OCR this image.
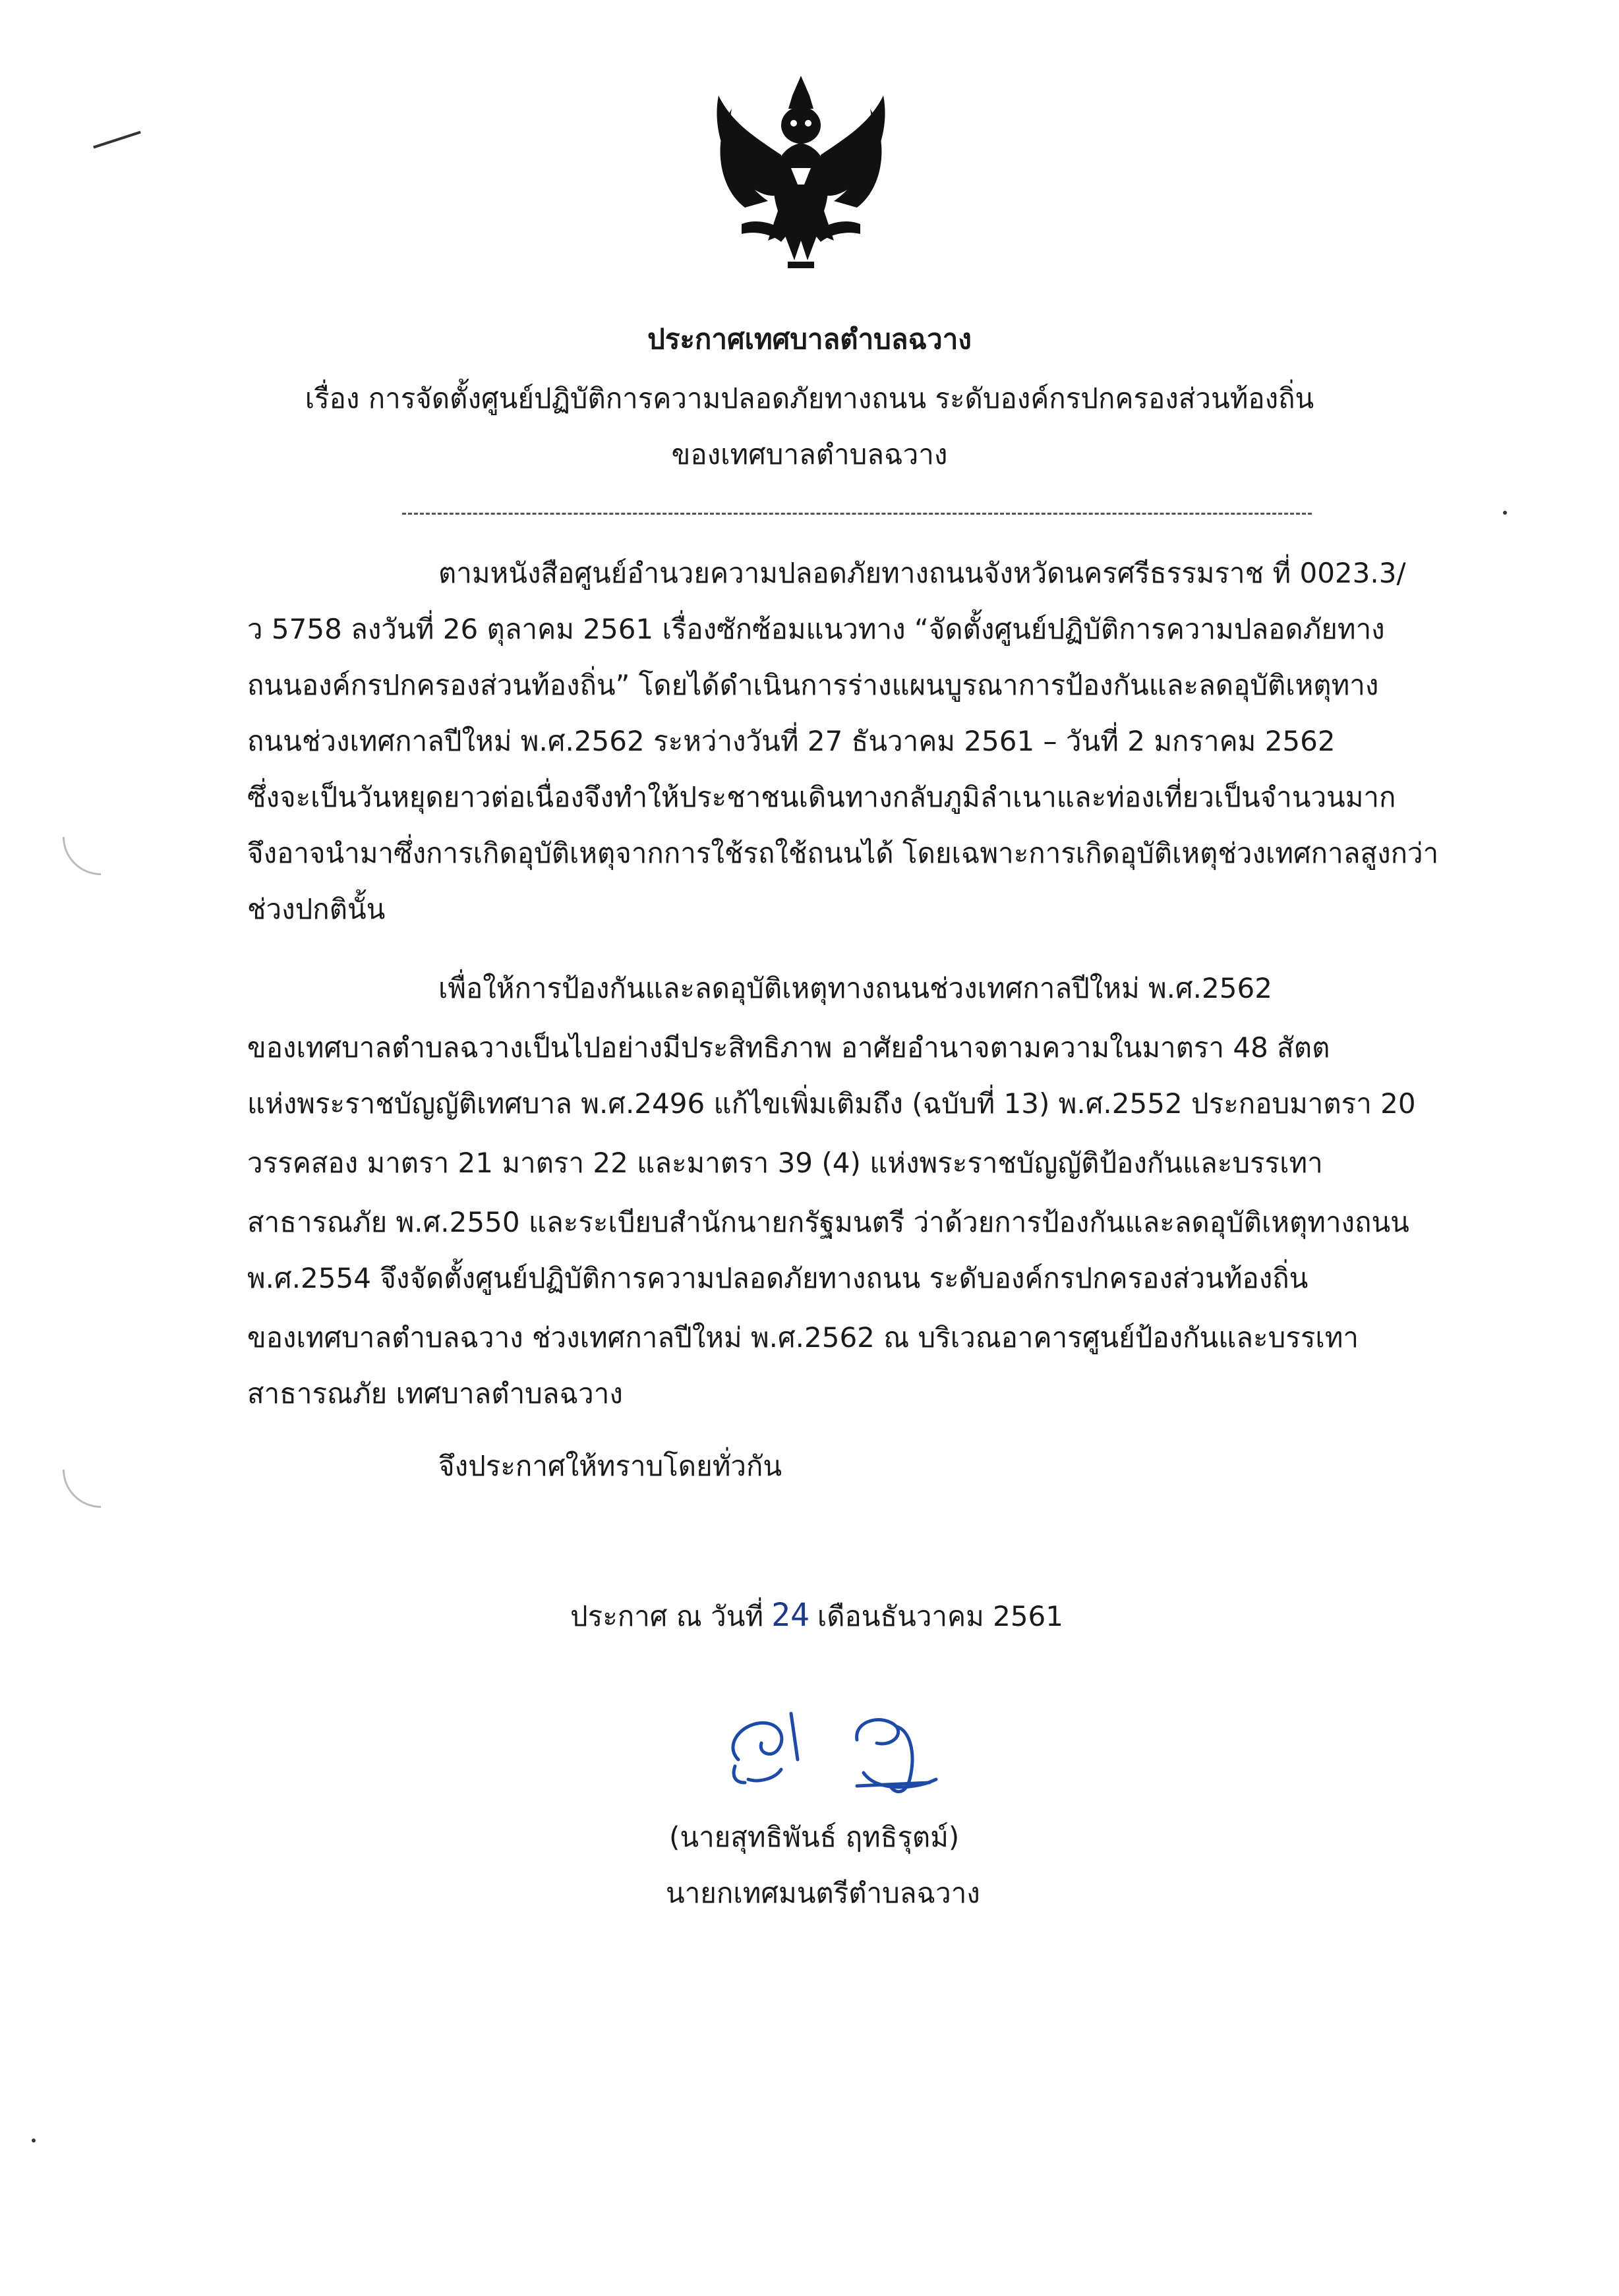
ประกาศเทศบาลตำบลฉวาง
เรื่อง การจัดตั้งศูนย์ปฏิบัติการความปลอดภัยทางถนน ระดับองค์กรปกครองส่วนท้องถิ่น
ของเทศบาลตำบลฉวาง
ตามหนังสือศูนย์อำนวยความปลอดภัยทางถนนจังหวัดนครศรีธรรมราช ที่ 0023.3/
ว 5758 ลงวันที่ 26 ตุลาคม 2561 เรื่องซักซ้อมแนวทาง “จัดตั้งศูนย์ปฏิบัติการความปลอดภัยทาง
ถนนองค์กรปกครองส่วนท้องถิ่น” โดยได้ดำเนินการร่างแผนบูรณาการป้องกันและลดอุบัติเหตุทาง
ถนนช่วงเทศกาลปีใหม่ พ.ศ.2562 ระหว่างวันที่ 27 ธันวาคม 2561 – วันที่ 2 มกราคม 2562
ซึ่งจะเป็นวันหยุดยาวต่อเนื่องจึงทำให้ประชาชนเดินทางกลับภูมิลำเนาและท่องเที่ยวเป็นจำนวนมาก
จึงอาจนำมาซึ่งการเกิดอุบัติเหตุจากการใช้รถใช้ถนนได้ โดยเฉพาะการเกิดอุบัติเหตุช่วงเทศกาลสูงกว่า
ช่วงปกตินั้น
เพื่อให้การป้องกันและลดอุบัติเหตุทางถนนช่วงเทศกาลปีใหม่ พ.ศ.2562
ของเทศบาลตำบลฉวางเป็นไปอย่างมีประสิทธิภาพ อาศัยอำนาจตามความในมาตรา 48 สัตต
แห่งพระราชบัญญัติเทศบาล พ.ศ.2496 แก้ไขเพิ่มเติมถึง (ฉบับที่ 13) พ.ศ.2552 ประกอบมาตรา 20
วรรคสอง มาตรา 21 มาตรา 22 และมาตรา 39 (4) แห่งพระราชบัญญัติป้องกันและบรรเทา
สาธารณภัย พ.ศ.2550 และระเบียบสำนักนายกรัฐมนตรี ว่าด้วยการป้องกันและลดอุบัติเหตุทางถนน
พ.ศ.2554 จึงจัดตั้งศูนย์ปฏิบัติการความปลอดภัยทางถนน ระดับองค์กรปกครองส่วนท้องถิ่น
ของเทศบาลตำบลฉวาง ช่วงเทศกาลปีใหม่ พ.ศ.2562 ณ บริเวณอาคารศูนย์ป้องกันและบรรเทา
สาธารณภัย เทศบาลตำบลฉวาง
จึงประกาศให้ทราบโดยทั่วกัน
ประกาศ ณ วันที่ 24 เดือนธันวาคม 2561
(นายสุทธิพันธ์ ฤทธิรุตม์)
นายกเทศมนตรีตำบลฉวาง
